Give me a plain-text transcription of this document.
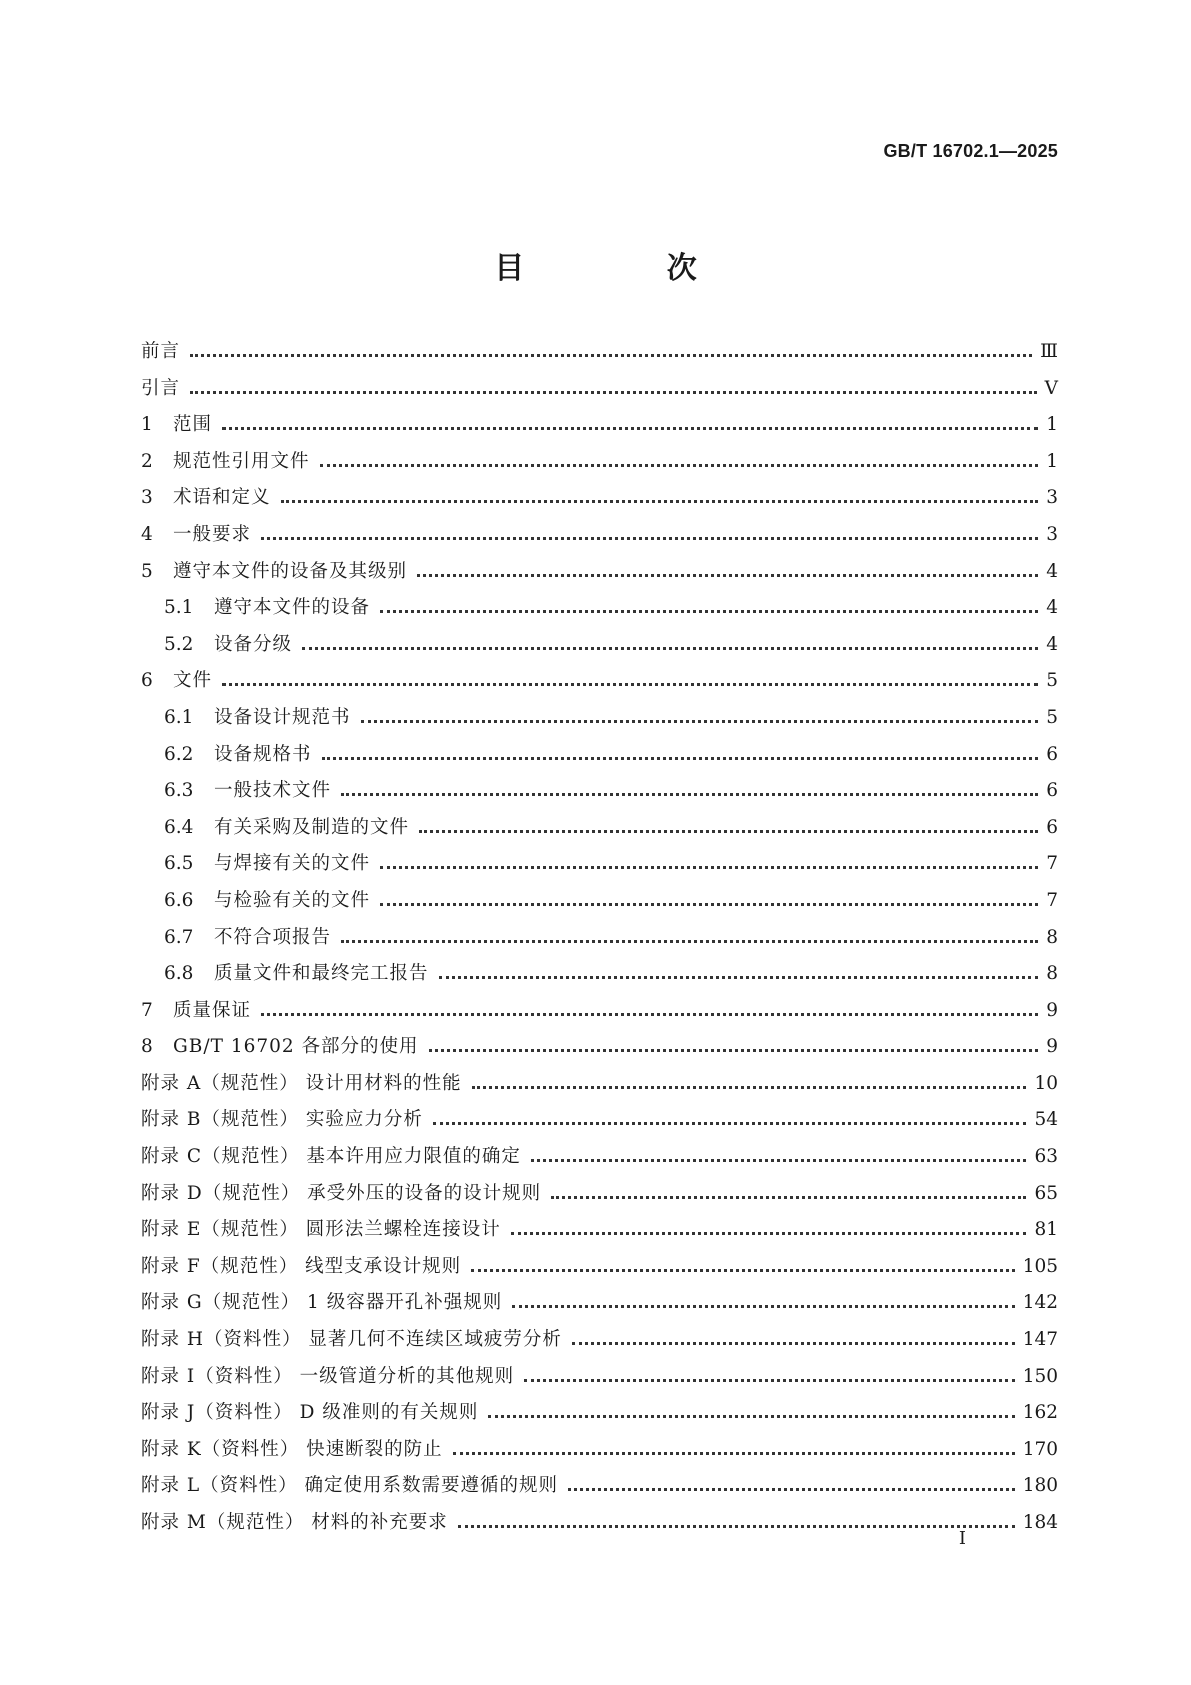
GB/T 16702.1—2025
目 次
前言	Ⅲ
引言	Ⅴ
1	范围	1
2	规范性引用文件	1
3	术语和定义	3
4	一般要求	3
5	遵守本文件的设备及其级别	4
5.1	遵守本文件的设备	4
5.2	设备分级	4
6	文件	5
6.1	设备设计规范书	5
6.2	设备规格书	6
6.3	一般技术文件	6
6.4	有关采购及制造的文件	6
6.5	与焊接有关的文件	7
6.6	与检验有关的文件	7
6.7	不符合项报告	8
6.8	质量文件和最终完工报告	8
7	质量保证	9
8	GB/T 16702 各部分的使用	9
附录 A（规范性） 设计用材料的性能	10
附录 B（规范性） 实验应力分析	54
附录 C（规范性） 基本许用应力限值的确定	63
附录 D（规范性） 承受外压的设备的设计规则	65
附录 E（规范性） 圆形法兰螺栓连接设计	81
附录 F（规范性） 线型支承设计规则	105
附录 G（规范性） 1 级容器开孔补强规则	142
附录 H（资料性） 显著几何不连续区域疲劳分析	147
附录 I（资料性） 一级管道分析的其他规则	150
附录 J（资料性） D 级准则的有关规则	162
附录 K（资料性） 快速断裂的防止	170
附录 L（资料性） 确定使用系数需要遵循的规则	180
附录 M（规范性） 材料的补充要求	184
I
